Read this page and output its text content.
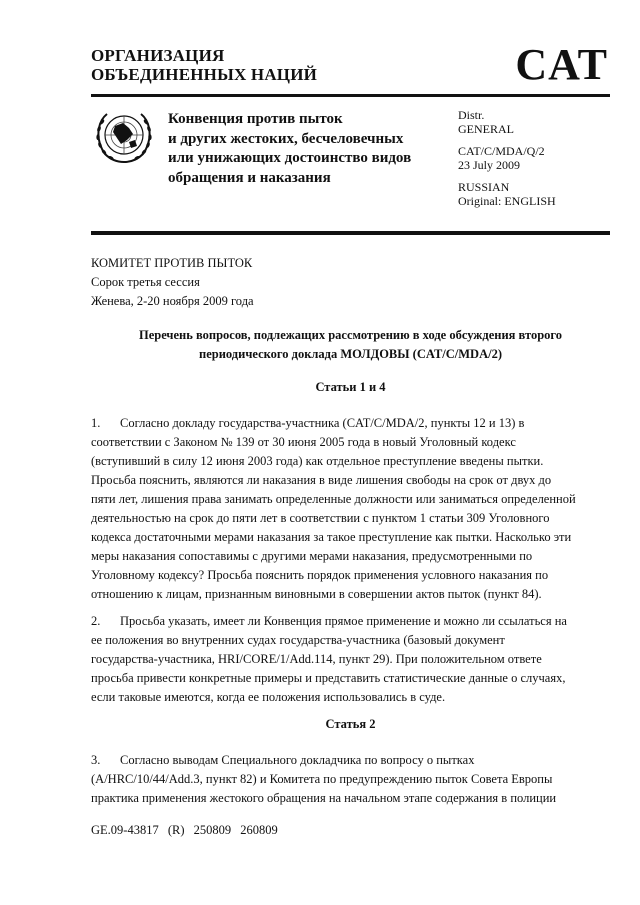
ОРГАНИЗАЦИЯ
ОБЪЕДИНЕННЫХ НАЦИЙ	CAT
Конвенция против пыток
и других жестоких, бесчеловечных
или унижающих достоинство видов
обращения и наказания
Distr.
GENERAL
CAT/C/MDA/Q/2
23 July 2009
RUSSIAN
Original: ENGLISH
КОМИТЕТ ПРОТИВ ПЫТОК
Сорок третья сессия
Женева, 2-20 ноября 2009 года
Перечень вопросов, подлежащих рассмотрению в ходе обсуждения второго
периодического доклада МОЛДОВЫ (CAT/C/MDA/2)
Статьи 1 и 4
1. Согласно докладу государства-участника (CAT/C/MDA/2, пункты 12 и 13) в
соответствии с Законом № 139 от 30 июня 2005 года в новый Уголовный кодекс
(вступивший в силу 12 июня 2003 года) как отдельное преступление введены пытки.
Просьба пояснить, являются ли наказания в виде лишения свободы на срок от двух до
пяти лет, лишения права занимать определенные должности или заниматься определенной
деятельностью на срок до пяти лет в соответствии с пунктом 1 статьи 309 Уголовного
кодекса достаточными мерами наказания за такое преступление как пытки. Насколько эти
меры наказания сопоставимы с другими мерами наказания, предусмотренными по
Уголовному кодексу? Просьба пояснить порядок применения условного наказания по
отношению к лицам, признанным виновными в совершении актов пыток (пункт 84).
2. Просьба указать, имеет ли Конвенция прямое применение и можно ли ссылаться на
ее положения во внутренних судах государства-участника (базовый документ
государства-участника, HRI/CORE/1/Add.114, пункт 29). При положительном ответе
просьба привести конкретные примеры и представить статистические данные о случаях,
если таковые имеются, когда ее положения использовались в суде.
Статья 2
3. Согласно выводам Специального докладчика по вопросу о пытках
(A/HRC/10/44/Add.3, пункт 82) и Комитета по предупреждению пыток Совета Европы
практика применения жестокого обращения на начальном этапе содержания в полиции
GE.09-43817 (R) 250809 260809
